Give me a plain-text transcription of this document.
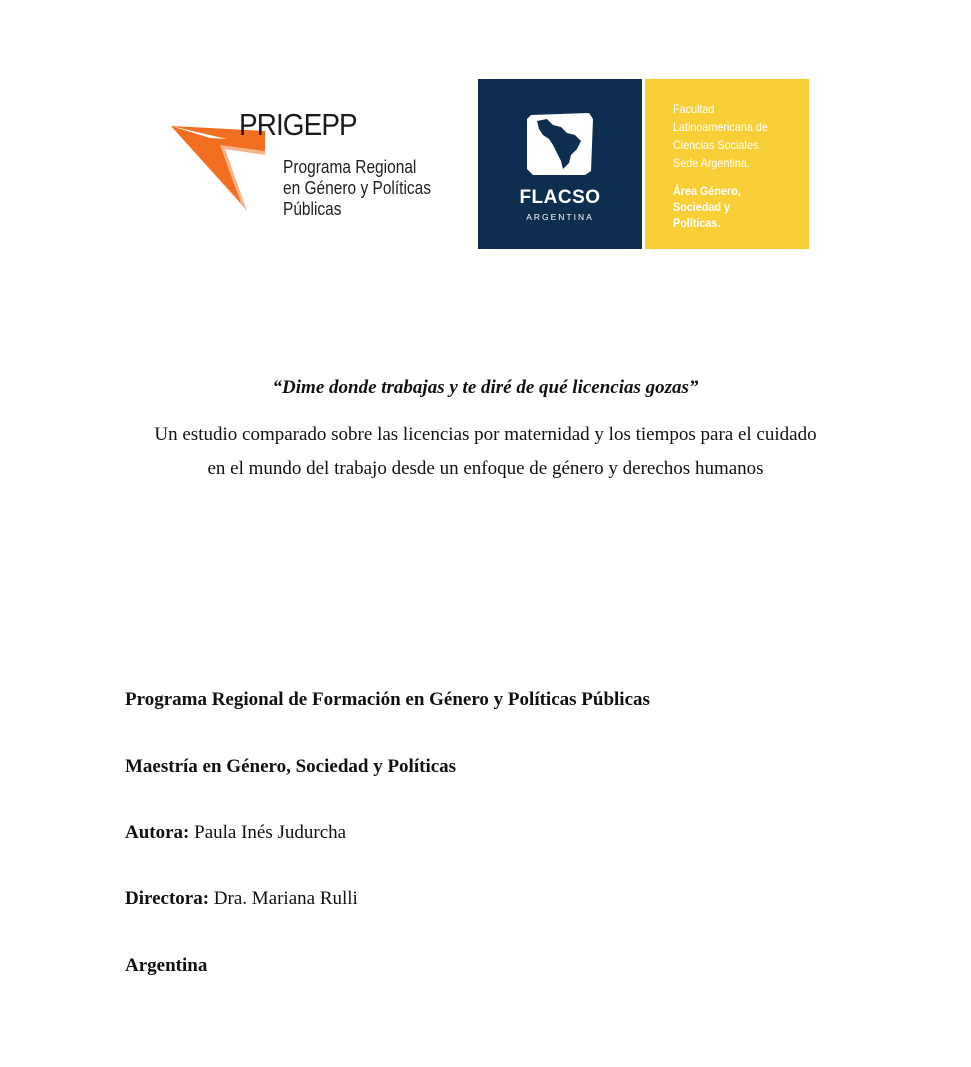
PRIGEPP
Programa Regional
en Género y Políticas
Públicas
FLACSO
ARGENTINA
Facultad
Latinoamericana de
Ciencias Sociales.
Sede Argentina.
Área Género,
Sociedad y
Políticas.
“Dime donde trabajas y te diré de qué licencias gozas”
Un estudio comparado sobre las licencias por maternidad y los tiempos para el cuidado
en el mundo del trabajo desde un enfoque de género y derechos humanos
Programa Regional de Formación en Género y Políticas Públicas
Maestría en Género, Sociedad y Políticas
Autora: Paula Inés Judurcha
Directora: Dra. Mariana Rulli
Argentina
